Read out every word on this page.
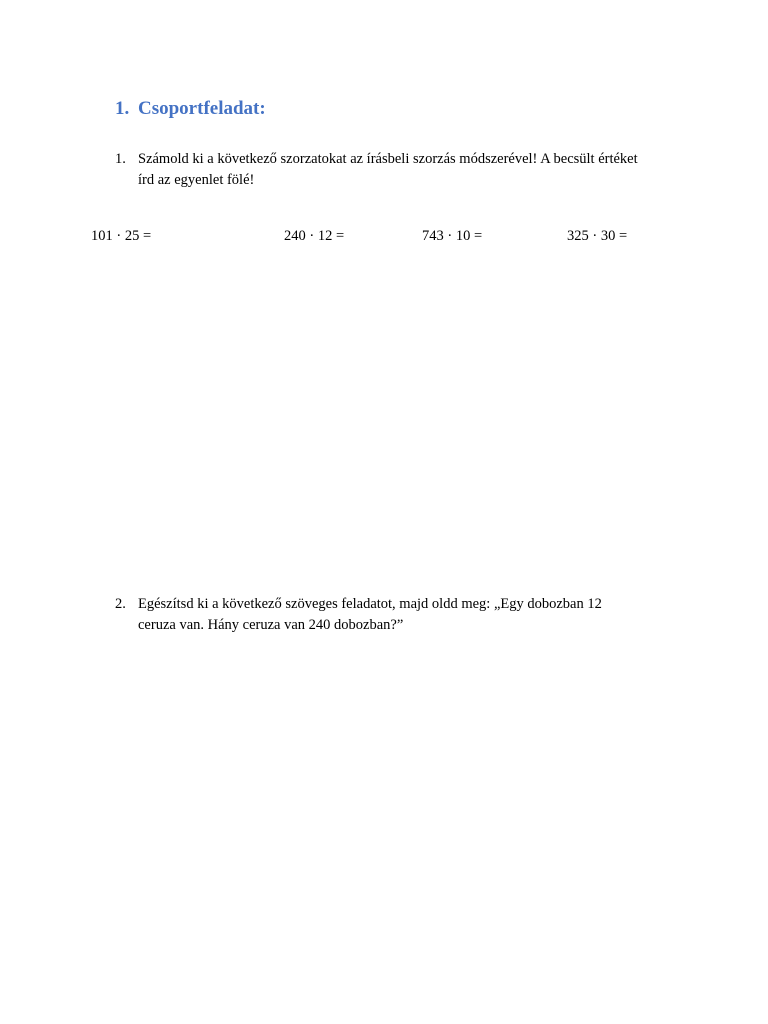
1. Csoportfeladat:
1. Számold ki a következő szorzatokat az írásbeli szorzás módszerével! A becsült értéket
írd az egyenlet fölé!
101 · 25 =	240 · 12 =	743 · 10 =	325 · 30 =
2. Egészítsd ki a következő szöveges feladatot, majd oldd meg: „Egy dobozban 12
ceruza van. Hány ceruza van 240 dobozban?”
